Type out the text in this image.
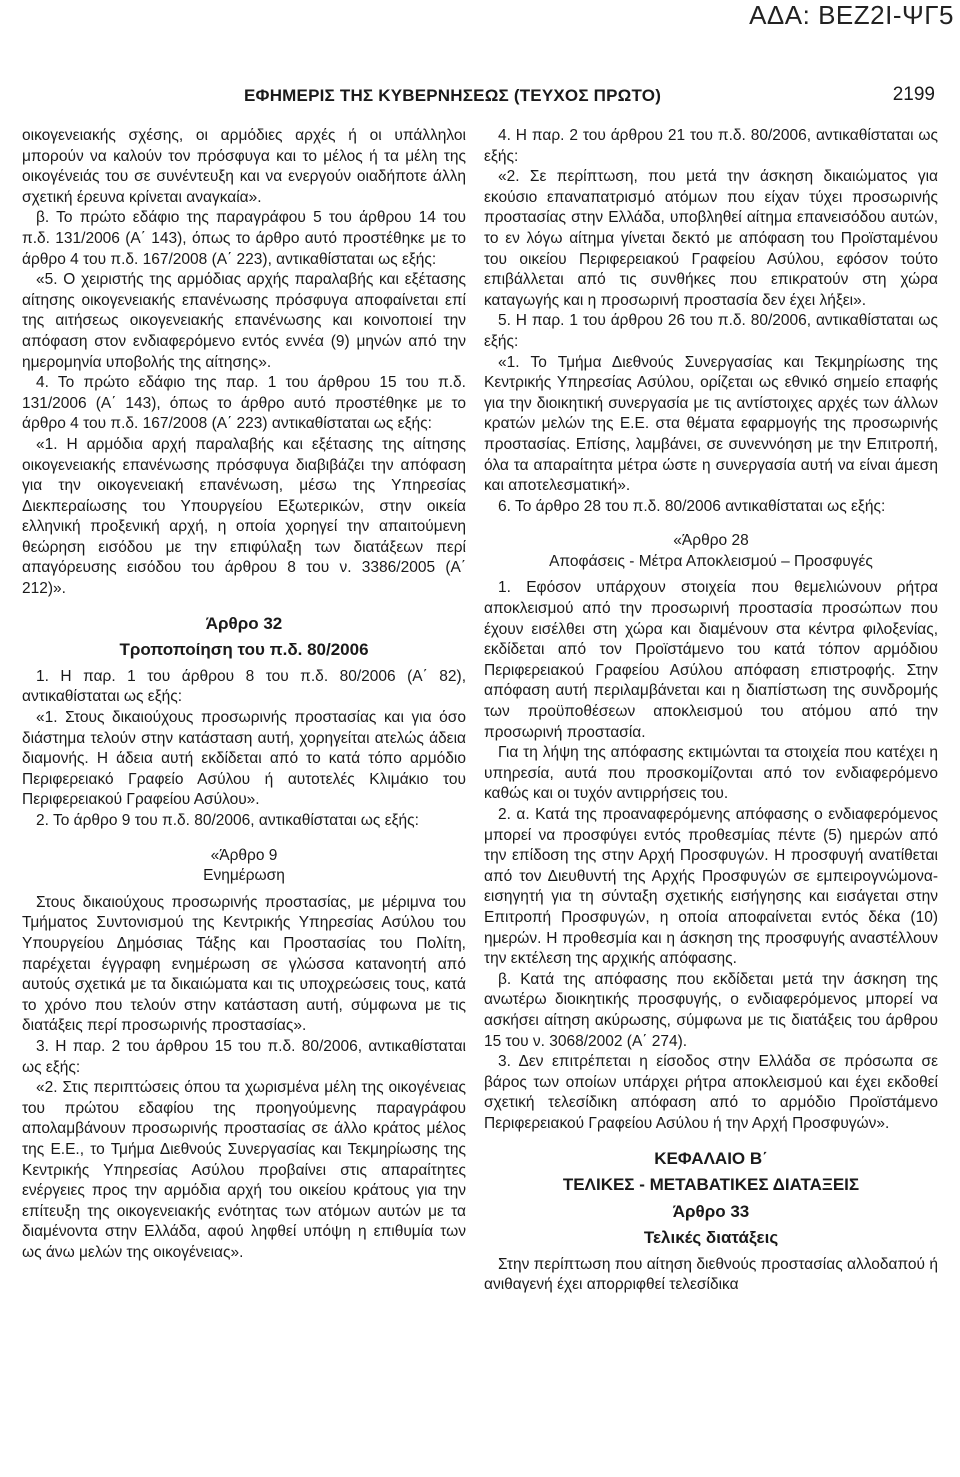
ΑΔΑ: ΒΕΖ2Ι-ΨΓ5
ΕΦΗΜΕΡΙΣ ΤΗΣ ΚΥΒΕΡΝΗΣΕΩΣ (ΤΕΥΧΟΣ ΠΡΩΤΟ)	2199

οικογενειακής σχέσης, οι αρμόδιες αρχές ή οι υπάλληλοι μπορούν να καλούν τον πρόσφυγα και το μέλος ή τα μέλη της οικογένειάς του σε συνέντευξη και να ενεργούν οιαδήποτε άλλη σχετική έρευνα κρίνεται αναγκαία».

β. Το πρώτο εδάφιο της παραγράφου 5 του άρθρου 14 του π.δ. 131/2006 (Α΄ 143), όπως το άρθρο αυτό προστέθηκε με το άρθρο 4 του π.δ. 167/2008 (Α΄ 223), αντικαθίσταται ως εξής:

«5. Ο χειριστής της αρμόδιας αρχής παραλαβής και εξέτασης αίτησης οικογενειακής επανένωσης πρόσφυγα αποφαίνεται επί της αιτήσεως οικογενειακής επανένωσης και κοινοποιεί την απόφαση στον ενδιαφερόμενο εντός εννέα (9) μηνών από την ημερομηνία υποβολής της αίτησης».

4. Το πρώτο εδάφιο της παρ. 1 του άρθρου 15 του π.δ. 131/2006 (Α΄ 143), όπως το άρθρο αυτό προστέθηκε με το άρθρο 4 του π.δ. 167/2008 (Α΄ 223) αντικαθίσταται ως εξής:

«1. Η αρμόδια αρχή παραλαβής και εξέτασης της αίτησης οικογενειακής επανένωσης πρόσφυγα διαβιβάζει την απόφαση για την οικογενειακή επανένωση, μέσω της Υπηρεσίας Διεκπεραίωσης του Υπουργείου Εξωτερικών, στην οικεία ελληνική προξενική αρχή, η οποία χορηγεί την απαιτούμενη θεώρηση εισόδου με την επιφύλαξη των διατάξεων περί απαγόρευσης εισόδου του άρθρου 8 του ν. 3386/2005 (Α΄ 212)».

Άρθρο 32

Τροποποίηση του π.δ. 80/2006

1. Η παρ. 1 του άρθρου 8 του π.δ. 80/2006 (Α΄ 82), αντικαθίσταται ως εξής:

«1. Στους δικαιούχους προσωρινής προστασίας και για όσο διάστημα τελούν στην κατάσταση αυτή, χορηγείται ατελώς άδεια διαμονής. Η άδεια αυτή εκδίδεται από το κατά τόπο αρμόδιο Περιφερειακό Γραφείο Ασύλου ή αυτοτελές Κλιμάκιο του Περιφερειακού Γραφείου Ασύλου».

2. Το άρθρο 9 του π.δ. 80/2006, αντικαθίσταται ως εξής:

«Άρθρο 9

Ενημέρωση

Στους δικαιούχους προσωρινής προστασίας, με μέριμνα του Τμήματος Συντονισμού της Κεντρικής Υπηρεσίας Ασύλου του Υπουργείου Δημόσιας Τάξης και Προστασίας του Πολίτη, παρέχεται έγγραφη ενημέρωση σε γλώσσα κατανοητή από αυτούς σχετικά με τα δικαιώματα και τις υποχρεώσεις τους, κατά το χρόνο που τελούν στην κατάσταση αυτή, σύμφωνα με τις διατάξεις περί προσωρινής προστασίας».

3. Η παρ. 2 του άρθρου 15 του π.δ. 80/2006, αντικαθίσταται ως εξής:

«2. Στις περιπτώσεις όπου τα χωρισμένα μέλη της οικογένειας του πρώτου εδαφίου της προηγούμενης παραγράφου απολαμβάνουν προσωρινής προστασίας σε άλλο κράτος μέλος της Ε.Ε., το Τμήμα Διεθνούς Συνεργασίας και Τεκμηρίωσης της Κεντρικής Υπηρεσίας Ασύλου προβαίνει στις απαραίτητες ενέργειες προς την αρμόδια αρχή του οικείου κράτους για την επίτευξη της οικογενειακής ενότητας των ατόμων αυτών με τα διαμένοντα στην Ελλάδα, αφού ληφθεί υπόψη η επιθυμία των ως άνω μελών της οικογένειας».

4. Η παρ. 2 του άρθρου 21 του π.δ. 80/2006, αντικαθίσταται ως εξής:

«2. Σε περίπτωση, που μετά την άσκηση δικαιώματος για εκούσιο επαναπατρισμό ατόμων που είχαν τύχει προσωρινής προστασίας στην Ελλάδα, υποβληθεί αίτημα επανεισόδου αυτών, το εν λόγω αίτημα γίνεται δεκτό με απόφαση του Προϊσταμένου του οικείου Περιφερειακού Γραφείου Ασύλου, εφόσον τούτο επιβάλλεται από τις συνθήκες που επικρατούν στη χώρα καταγωγής και η προσωρινή προστασία δεν έχει λήξει».

5. Η παρ. 1 του άρθρου 26 του π.δ. 80/2006, αντικαθίσταται ως εξής:

«1. Το Τμήμα Διεθνούς Συνεργασίας και Τεκμηρίωσης της Κεντρικής Υπηρεσίας Ασύλου, ορίζεται ως εθνικό σημείο επαφής για την διοικητική συνεργασία με τις αντίστοιχες αρχές των άλλων κρατών μελών της Ε.Ε. στα θέματα εφαρμογής της προσωρινής προστασίας. Επίσης, λαμβάνει, σε συνεννόηση με την Επιτροπή, όλα τα απαραίτητα μέτρα ώστε η συνεργασία αυτή να είναι άμεση και αποτελεσματική».

6. Το άρθρο 28 του π.δ. 80/2006 αντικαθίσταται ως εξής:

«Άρθρο 28

Αποφάσεις - Μέτρα Αποκλεισμού – Προσφυγές

1. Εφόσον υπάρχουν στοιχεία που θεμελιώνουν ρήτρα αποκλεισμού από την προσωρινή προστασία προσώπων που έχουν εισέλθει στη χώρα και διαμένουν στα κέντρα φιλοξενίας, εκδίδεται από τον Προϊστάμενο του κατά τόπον αρμόδιου Περιφερειακού Γραφείου Ασύλου απόφαση επιστροφής. Στην απόφαση αυτή περιλαμβάνεται και η διαπίστωση της συνδρομής των προϋποθέσεων αποκλεισμού του ατόμου από την προσωρινή προστασία.

Για τη λήψη της απόφασης εκτιμώνται τα στοιχεία που κατέχει η υπηρεσία, αυτά που προσκομίζονται από τον ενδιαφερόμενο καθώς και οι τυχόν αντιρρήσεις του.

2. α. Κατά της προαναφερόμενης απόφασης ο ενδιαφερόμενος μπορεί να προσφύγει εντός προθεσμίας πέντε (5) ημερών από την επίδοση της στην Αρχή Προσφυγών. Η προσφυγή ανατίθεται από τον Διευθυντή της Αρχής Προσφυγών σε εμπειρογνώμονα-εισηγητή για τη σύνταξη σχετικής εισήγησης και εισάγεται στην Επιτροπή Προσφυγών, η οποία αποφαίνεται εντός δέκα (10) ημερών. Η προθεσμία και η άσκηση της προσφυγής αναστέλλουν την εκτέλεση της αρχικής απόφασης.

β. Κατά της απόφασης που εκδίδεται μετά την άσκηση της ανωτέρω διοικητικής προσφυγής, ο ενδιαφερόμενος μπορεί να ασκήσει αίτηση ακύρωσης, σύμφωνα με τις διατάξεις του άρθρου 15 του ν. 3068/2002 (Α΄ 274).

3. Δεν επιτρέπεται η είσοδος στην Ελλάδα σε πρόσωπα σε βάρος των οποίων υπάρχει ρήτρα αποκλεισμού και έχει εκδοθεί σχετική τελεσίδικη απόφαση από το αρμόδιο Προϊστάμενο Περιφερειακού Γραφείου Ασύλου ή την Αρχή Προσφυγών».

ΚΕΦΑΛΑΙΟ Β΄

ΤΕΛΙΚΕΣ - ΜΕΤΑΒΑΤΙΚΕΣ ΔΙΑΤΑΞΕΙΣ

Άρθρο 33

Τελικές διατάξεις

Στην περίπτωση που αίτηση διεθνούς προστασίας αλλοδαπού ή ανιθαγενή έχει απορριφθεί τελεσίδικα
